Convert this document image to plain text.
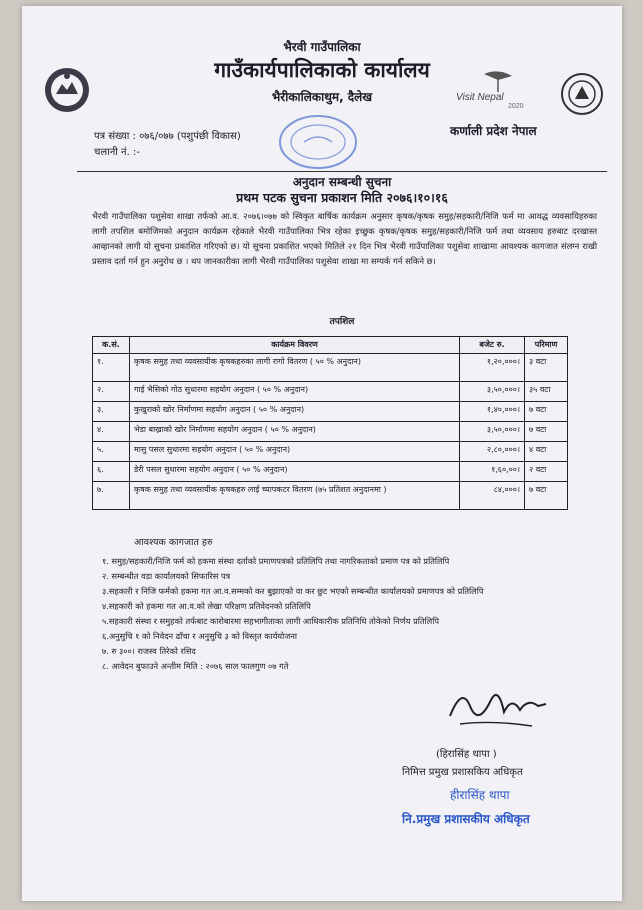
भैरवी गाउँपालिका
गाउँकार्यपालिकाको कार्यालय
भैरीकालिकाथुम, दैलेख	Visit Nepal
2020
पत्र संख्या : ०७६/०७७ (पशुपंछी विकास)
चलानी नं. :-
कर्णाली प्रदेश नेपाल
अनुदान सम्बन्धी सुचना
प्रथम पटक सुचना प्रकाशन मिति २०७६।१०।१६
भैरवी गाउँपालिका पशुसेवा शाखा तर्फको आ.व. २०७६।०७७ को स्विकृत बार्षिक कार्यक्रम अनुसार कृषक/कृषक समुह/सहकारी/निजि फर्म मा आवद्ध व्यवसायिहरुका लागी तपशिल बमोजिमको अनुदान कार्यक्रम रहेकाले भैरवी गाउँपालिका भित्र रहेका इच्छुक कृषक/कृषक समुह/सहकारी/निजि फर्म तथा व्यवसाय हरुबाट दरखास्त आव्हानको लागी यो सुचना प्रकाशित गरिएको छ। यो सुचना प्रकाशित भएको मितिले २१ दिन भित्र भैरवी गाउँपालिका पशुसेवा शाखामा आवश्यक कागजात संलग्न राखी प्रस्ताव दर्ता गर्न हुन अनुरोध छ । थप जानकारीका लागी भैरवी गाउँपालिका पशुसेवा शाखा मा सम्पर्क गर्न सकिने छ।
तपशिल
क.सं.	कार्यक्रम विवरण	बजेट रु.	परिमाण
१.	कृषक समुह तथा व्यवसायीक कृषकहरुका लागी रागो वितरण ( ५० % अनुदान)	१,२०,०००।	३ वटा
२.	गाई भैसिको गोठ सुधारमा सहयोग अनुदान ( ५० % अनुदान)	३,५०,०००।	३५ वटा
३.	कुखुराको खोर निर्माणमा सहयोग अनुदान ( ५० % अनुदान)	१,४०,०००।	७ वटा
४.	भेडा बाख्राको खोर निर्माणमा सहयोग अनुदान ( ५० % अनुदान)	३,५०,०००।	७ वटा
५.	मासु पसल सुधारमा सहयोग अनुदान ( ५० % अनुदान)	२,८०,०००।	४ वटा
६.	डेरी पसल सुधारमा सहयोग अनुदान ( ५० % अनुदान)	१,६०,००।	२ वटा
७.	कृषक समुह तथा व्यवसायीक कृषकहरु लाई च्यापकटर वितरण (७५ प्रतिशत अनुदानमा )	८४,०००।	७ वटा
आवश्यक कागजात हरु
१. समुह/सहकारी/निजि फर्म को हकमा संस्था दर्ताको प्रमाणपत्रको प्रतिलिपि तथा नागरिकताको प्रमाण पत्र को प्रतिलिपि
२. सम्बन्धीत वडा कार्यालयको सिफारिस पत्र
३.सहकारी र निजि फर्मको हकमा गत आ.व.सम्मको कर बुझाएको वा कर छुट भएको सम्बन्धीत कार्यालयको प्रमाणपत्र को प्रतिलिपि
४.सहकारी को हकमा गत आ.व.को लेखा परिक्षण प्रतिवेदनको प्रतिलिपि
५.सहकारी संस्था र समुहको तर्फबाट कारोबारमा सहभागीताका लागी आधिकारीक प्रतिनिधि तोकेको निर्णय प्रतिलिपि
६.अनुसुचि १ को निवेदन ढाँचा र अनुसुचि ३ को विस्तृत कार्ययोजना
७. रु ३००। राजस्व तिरेको रसिद
८. आवेदन बुफाउने अन्तीम मिति : २०७६ साल फालगुण ०७ गते
(हिरासिंह थापा )
निमित्त प्रमुख प्रशासकिय अधिकृत
हीरासिंह थापा
नि.प्रमुख प्रशासकीय अधिकृत
